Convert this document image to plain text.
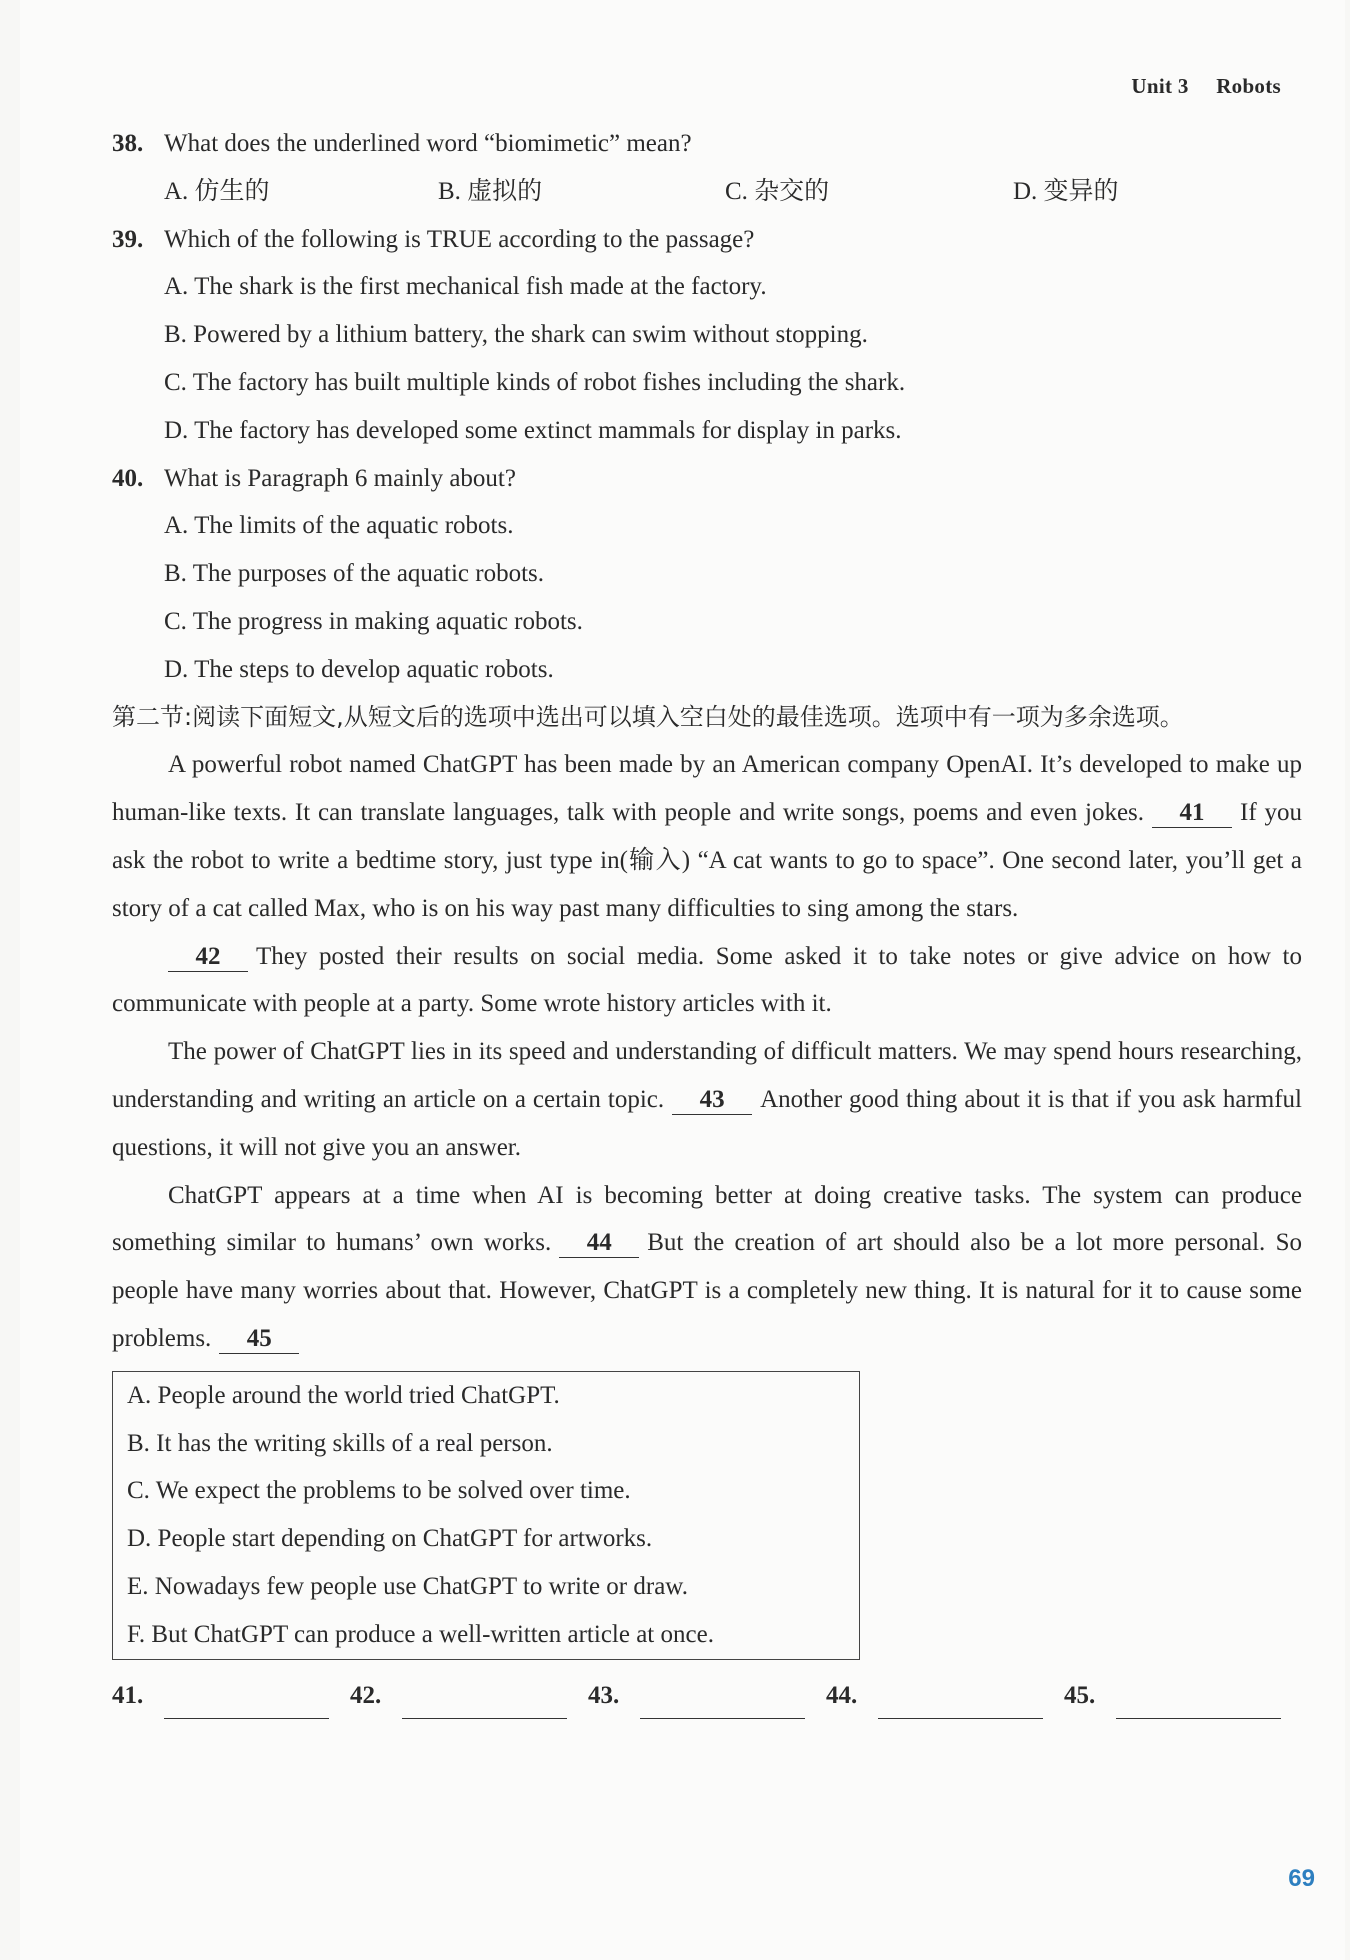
Unit 3 Robots

38. What does the underlined word “biomimetic” mean?

A. 仿生的	B. 虚拟的	C. 杂交的	D. 变异的

39. Which of the following is TRUE according to the passage?

A. The shark is the first mechanical fish made at the factory.

B. Powered by a lithium battery, the shark can swim without stopping.

C. The factory has built multiple kinds of robot fishes including the shark.

D. The factory has developed some extinct mammals for display in parks.

40. What is Paragraph 6 mainly about?

A. The limits of the aquatic robots.

B. The purposes of the aquatic robots.

C. The progress in making aquatic robots.

D. The steps to develop aquatic robots.

第二节:阅读下面短文,从短文后的选项中选出可以填入空白处的最佳选项。选项中有一项为多余选项。

A powerful robot named ChatGPT has been made by an American company OpenAI. It’s developed to make up human-like texts. It can translate languages, talk with people and write songs, poems and even jokes. 41 If you ask the robot to write a bedtime story, just type in(输入) “A cat wants to go to space”. One second later, you’ll get a story of a cat called Max, who is on his way past many difficulties to sing among the stars.

42 They posted their results on social media. Some asked it to take notes or give advice on how to communicate with people at a party. Some wrote history articles with it.

The power of ChatGPT lies in its speed and understanding of difficult matters. We may spend hours researching, understanding and writing an article on a certain topic. 43 Another good thing about it is that if you ask harmful questions, it will not give you an answer.

ChatGPT appears at a time when AI is becoming better at doing creative tasks. The system can produce something similar to humans’ own works. 44 But the creation of art should also be a lot more personal. So people have many worries about that. However, ChatGPT is a completely new thing. It is natural for it to cause some problems. 45

A. People around the world tried ChatGPT.

B. It has the writing skills of a real person.

C. We expect the problems to be solved over time.

D. People start depending on ChatGPT for artworks.

E. Nowadays few people use ChatGPT to write or draw.

F. But ChatGPT can produce a well-written article at once.

41.	42.	43.	44.	45.
69
